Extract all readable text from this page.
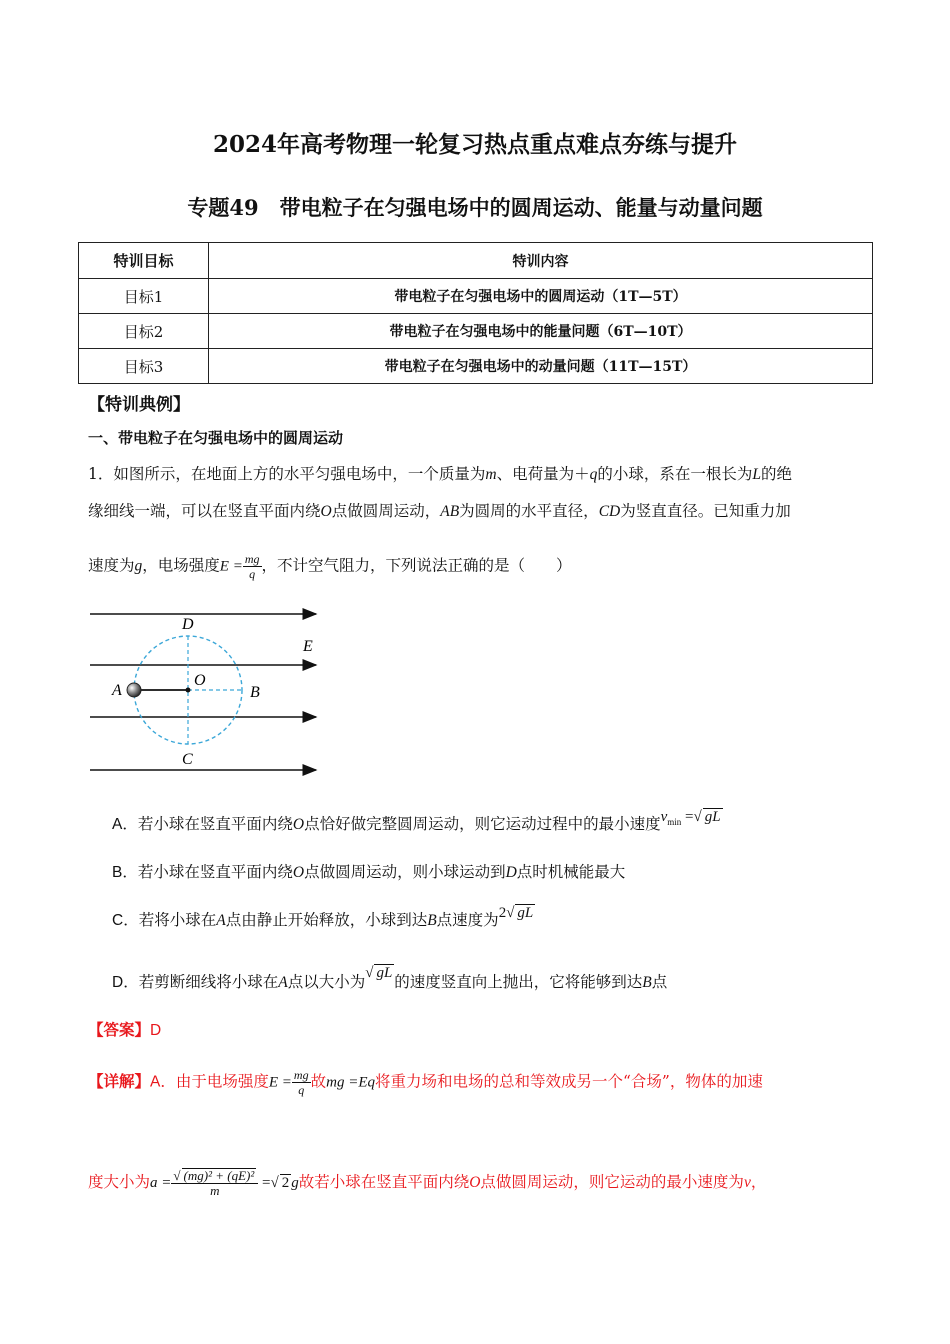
2024年高考物理一轮复习热点重点难点夯练与提升
专题49　带电粒子在匀强电场中的圆周运动、能量与动量问题
特训目标	特训内容
目标1	带电粒子在匀强电场中的圆周运动（1T—5T）
目标2	带电粒子在匀强电场中的能量问题（6T—10T）
目标3	带电粒子在匀强电场中的动量问题（11T—15T）
【特训典例】
一、带电粒子在匀强电场中的圆周运动
1．如图所示，在地面上方的水平匀强电场中，一个质量为m、电荷量为＋q的小球，系在一根长为L的绝
缘细线一端，可以在竖直平面内绕O点做圆周运动，AB为圆周的水平直径，CD为竖直直径。已知重力加
速度为g，电场强度$E = \frac{mg}{q}$ ，不计空气阻力，下列说法正确的是（　　）
D
E
A
O
B
C
A．若小球在竖直平面内绕O点恰好做完整圆周运动，则它运动过程中的最小速度$v_{min}$ =√ gL
B．若小球在竖直平面内绕O点做圆周运动，则小球运动到D点时机械能最大
C．若将小球在A点由静止开始释放，小球到达B点速度为2√ gL
D．若剪断细线将小球在A点以大小为√ gL 的速度竖直向上抛出，它将能够到达B点
【答案】D
【详解】A．由于电场强度$E = \frac{mg}{q}$ 故mg =Eq将重力场和电场的总和等效成另一个“合场”，物体的加速
度大小为$a = \frac{\text{√ (mg)² + (qE)²}}{m}$ =√ 2 g故若小球在竖直平面内绕O点做圆周运动，则它运动的最小速度为v，
